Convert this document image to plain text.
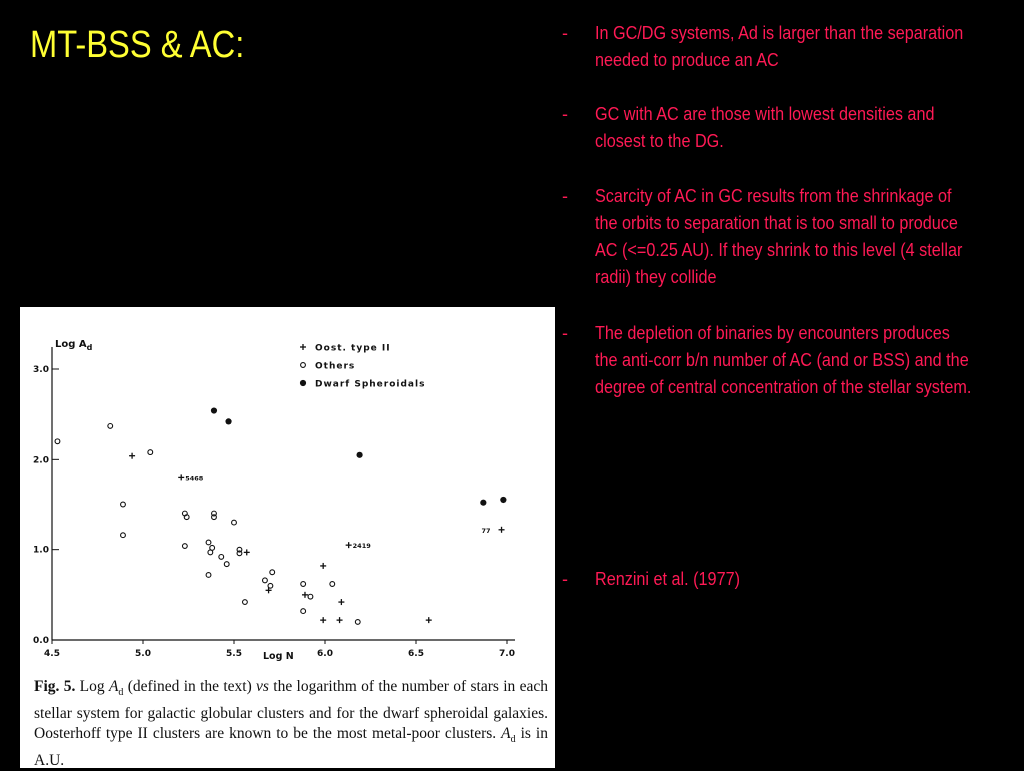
MT-BSS & AC:	-	In GC/DG systems, Ad is larger than the separation needed to produce an AC
-	GC with AC are those with lowest densities and closest to the DG.
-	Scarcity of AC in GC results from the shrinkage of the orbits to separation that is too small to produce AC (<=0.25 AU). If they shrink to this level (4 stellar radii) they collide
-	The depletion of binaries by encounters produces the anti-corr b/n number of AC (and or BSS) and the degree of central concentration of the stellar system.
-	Renzini et al. (1977)
4.5	5.0	5.5	6.0	6.5	7.0
0.0
1.0
2.0
3.0
5468
2419
77
Oost. type II
Others
Dwarf Spheroidals
Log $A_d$
Log N
Fig. 5. Log $A_d$ (defined in the text) vs the logarithm of the number of stars in each stellar system for galactic globular clusters and for the dwarf spheroidal galaxies. Oosterhoff type II clusters are known to be the most metal-poor clusters. $A_d$ is in A.U.
